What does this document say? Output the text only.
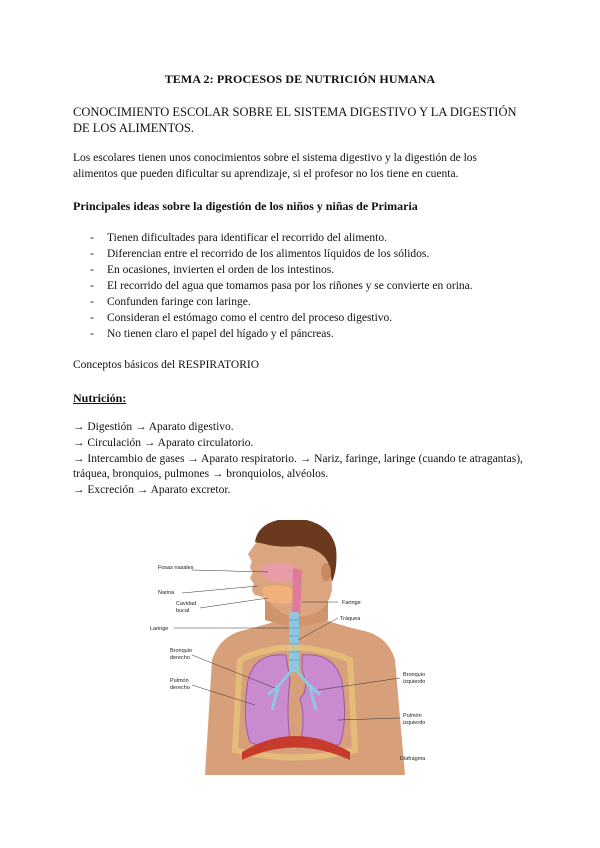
TEMA 2: PROCESOS DE NUTRICIÓN HUMANA
CONOCIMIENTO ESCOLAR SOBRE EL SISTEMA DIGESTIVO Y LA DIGESTIÓN DE LOS ALIMENTOS.
Los escolares tienen unos conocimientos sobre el sistema digestivo y la digestión de los alimentos que pueden dificultar su aprendizaje, si el profesor no los tiene en cuenta.
Principales ideas sobre la digestión de los niños y niñas de Primaria
- Tienen dificultades para identificar el recorrido del alimento.
- Diferencian entre el recorrido de los alimentos líquidos de los sólidos.
- En ocasiones, invierten el orden de los intestinos.
- El recorrido del agua que tomamos pasa por los riñones y se convierte en orina.
- Confunden faringe con laringe.
- Consideran el estómago como el centro del proceso digestivo.
- No tienen claro el papel del hígado y el páncreas.
Conceptos básicos del RESPIRATORIO
Nutrición:
→ Digestión → Aparato digestivo.
→ Circulación → Aparato circulatorio.
→ Intercambio de gases → Aparato respiratorio. → Nariz, faringe, laringe (cuando te atragantas), tráquea, bronquios, pulmones → bronquiolos, alvéolos.
→ Excreción → Aparato excretor.
Fosas nasales
Narina
Cavidad
bucal
Laringe
Bronquio
derecho
Pulmón
derecho
Faringe
Tráquea
Bronquio
izquierdo
Pulmón
izquierdo
Diafragma
